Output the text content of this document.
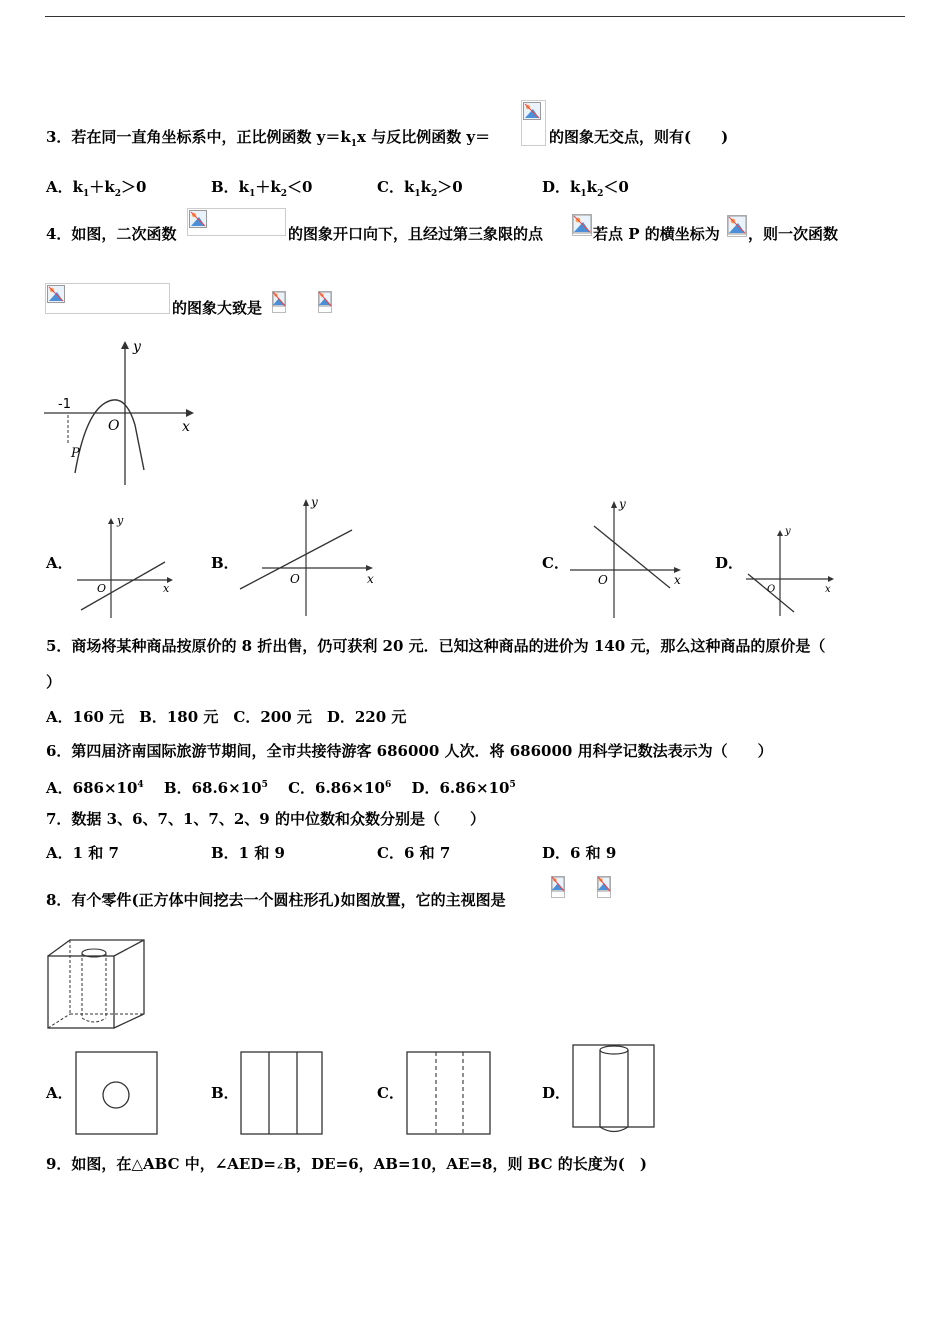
3．若在同一直角坐标系中，正比例函数 $y=k_1x$ 与反比例函数 y＝	的图象无交点，则有(　　)
A．$k_1+k_2>0$	B．$k_1+k_2<0$	C．$k_1k_2>0$	D．$k_1k_2<0$
4．如图，二次函数	的图象开口向下，且经过第三象限的点	若点 P 的横坐标为 ，则一次函数
的图象大致是
-1
O	x
y
P
A．
y
O	x
B．
y
O	x
C．
y
O	x
D．
y
O	x
5．商场将某种商品按原价的 8 折出售，仍可获利 20 元．已知这种商品的进价为 140 元，那么这种商品的原价是（
）
A．160 元　B．180 元　C．200 元　D．220 元
6．第四届济南国际旅游节期间，全市共接待游客 686000 人次．将 686000 用科学记数法表示为（　　）
A．$686\times 10^4$　 B．$68.6\times 10^5$　 C．$6.86\times 10^6$　 D．$6.86\times 10^5$
7．数据 3、6、7、1、7、2、9 的中位数和众数分别是（　　）
A．1 和 7	B．1 和 9	C．6 和 7	D．6 和 9
8．有个零件(正方体中间挖去一个圆柱形孔)如图放置，它的主视图是
A．	B．	C．	D．
9．如图，在△ABC 中，∠AED=∠B，DE=6，AB=10，AE=8，则 BC 的长度为(　)
